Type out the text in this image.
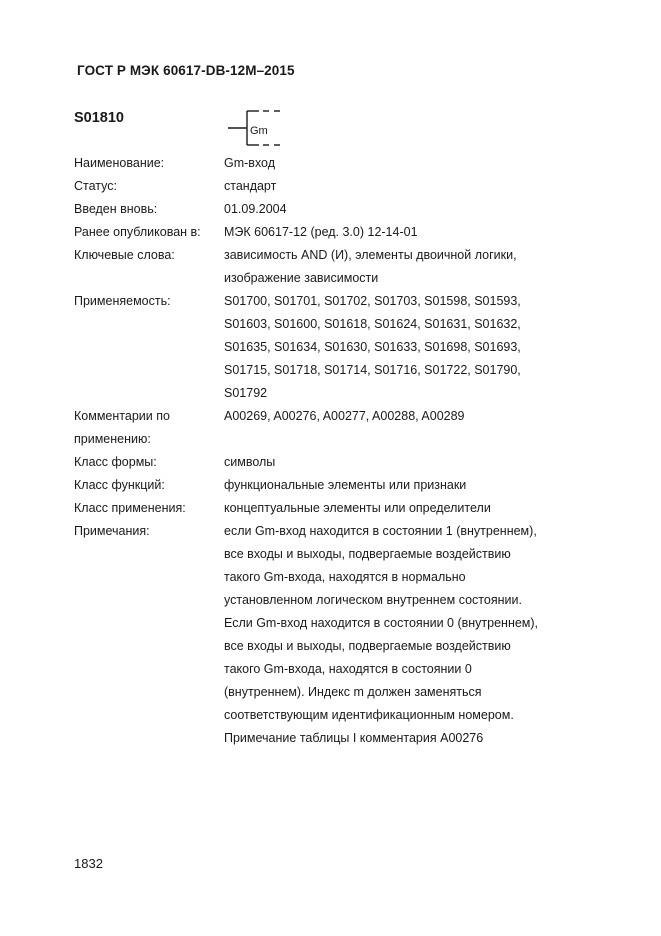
ГОСТ Р МЭК 60617-DB-12M–2015
S01810
Gm
Наименование:	Gm-вход
Статус:	стандарт
Введен вновь:	01.09.2004
Ранее опубликован в:	МЭК 60617-12 (ред. 3.0) 12-14-01
Ключевые слова:	зависимость AND (И), элементы двоичной логики,
изображение зависимости
Применяемость:	S01700, S01701, S01702, S01703, S01598, S01593,
S01603, S01600, S01618, S01624, S01631, S01632,
S01635, S01634, S01630, S01633, S01698, S01693,
S01715, S01718, S01714, S01716, S01722, S01790,
S01792
Комментарии по
применению:
A00269, A00276, A00277, A00288, A00289
Класс формы:	символы
Класс функций:	функциональные элементы или признаки
Класс применения:	концептуальные элементы или определители
Примечания:	если Gm-вход находится в состоянии 1 (внутреннем),
все входы и выходы, подвергаемые воздействию
такого Gm-входа, находятся в нормально
установленном логическом внутреннем состоянии.
Если Gm-вход находится в состоянии 0 (внутреннем),
все входы и выходы, подвергаемые воздействию
такого Gm-входа, находятся в состоянии 0
(внутреннем). Индекс m должен заменяться
соответствующим идентификационным номером.
Примечание таблицы I комментария A00276
1832
